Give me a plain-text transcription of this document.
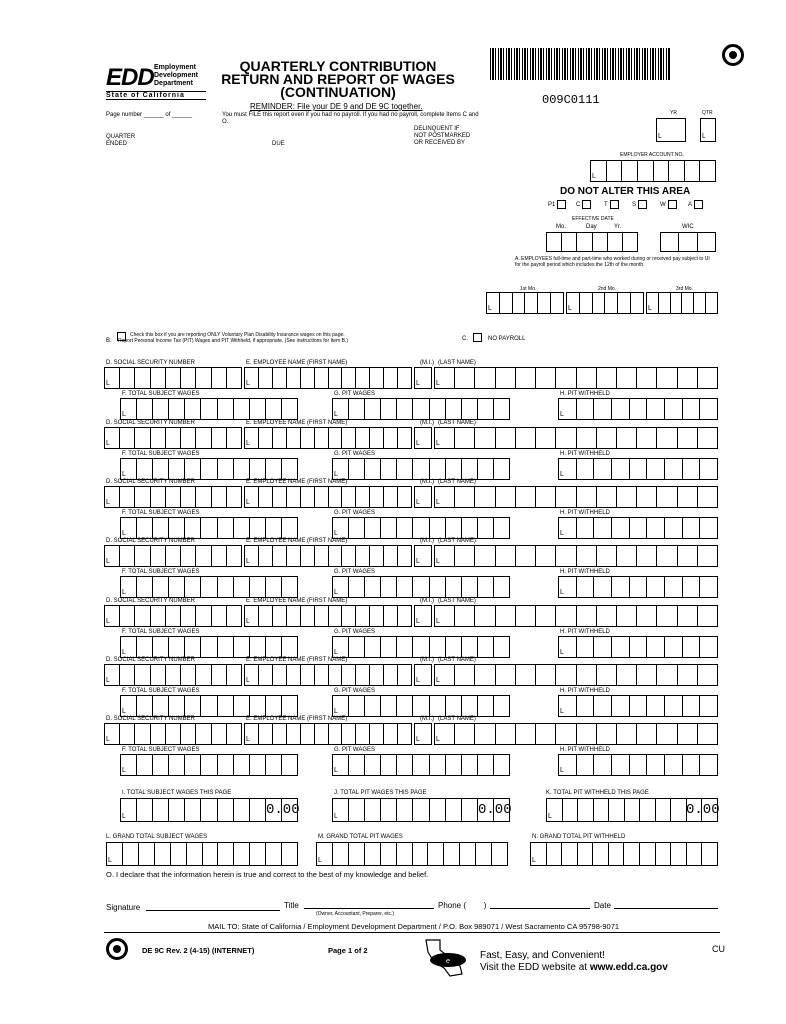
EDD Employment
Development
Department
State of California
QUARTERLY CONTRIBUTION
RETURN AND REPORT OF WAGES
(CONTINUATION)
REMINDER: File your DE 9 and DE 9C together.
You must FILE this report even if you had no payroll. If you had no payroll, complete Items C and O.
009C0111
Page number ______ of ______
QUARTER
ENDED	DUE
DELINQUENT IF
NOT POSTMARKED
OR RECEIVED BY
YR	QTR
L	L
EMPLOYER ACCOUNT NO.
L
DO NOT ALTER THIS AREA
P1	C	T	S	W	A
EFFECTIVE DATE
Mo.	Day	Yr.	WIC
A. EMPLOYEES full-time and part-time who worked during or received pay subject to UI for the payroll period which includes the 12th of the month.
1st Mo.	2nd Mo.	3rd Mo.
L	L	L
B.
Check this box if you are reporting ONLY Voluntary Plan Disability Insurance wages on this page.
Report Personal Income Tax (PIT) Wages and PIT Withheld, if appropriate. (See instructions for Item B.)	C.	NO PAYROLL
D. SOCIAL SECURITY NUMBER	E. EMPLOYEE NAME (FIRST NAME)	(M.I.) (LAST NAME)
L	L	L L
F. TOTAL SUBJECT WAGES	G. PIT WAGES	H. PIT WITHHELD
L	L	L
D. SOCIAL SECURITY NUMBER	E. EMPLOYEE NAME (FIRST NAME)	(M.I.) (LAST NAME)
L	L	L L
F. TOTAL SUBJECT WAGES	G. PIT WAGES	H. PIT WITHHELD
L	L	L
D. SOCIAL SECURITY NUMBER	E. EMPLOYEE NAME (FIRST NAME)	(M.I.) (LAST NAME)
L	L	L L
F. TOTAL SUBJECT WAGES	G. PIT WAGES	H. PIT WITHHELD
L	L	L
D. SOCIAL SECURITY NUMBER	E. EMPLOYEE NAME (FIRST NAME)	(M.I.) (LAST NAME)
L	L	L L
F. TOTAL SUBJECT WAGES	G. PIT WAGES	H. PIT WITHHELD
L	L	L
D. SOCIAL SECURITY NUMBER	E. EMPLOYEE NAME (FIRST NAME)	(M.I.) (LAST NAME)
L	L	L L
F. TOTAL SUBJECT WAGES	G. PIT WAGES	H. PIT WITHHELD
L	L	L
D. SOCIAL SECURITY NUMBER	E. EMPLOYEE NAME (FIRST NAME)	(M.I.) (LAST NAME)
L	L	L L
F. TOTAL SUBJECT WAGES	G. PIT WAGES	H. PIT WITHHELD
L	L	L
D. SOCIAL SECURITY NUMBER	E. EMPLOYEE NAME (FIRST NAME)	(M.I.) (LAST NAME)
L	L	L L
F. TOTAL SUBJECT WAGES	G. PIT WAGES	H. PIT WITHHELD
L	L	L
I. TOTAL SUBJECT WAGES THIS PAGE	J. TOTAL PIT WAGES THIS PAGE	K. TOTAL PIT WITHHELD THIS PAGE
L	L	L
0.00	0.00	0.00
L. GRAND TOTAL SUBJECT WAGES	M. GRAND TOTAL PIT WAGES	N. GRAND TOTAL PIT WITHHELD
L	L	L
O. I declare that the information herein is true and correct to the best of my knowledge and belief.
Signature	Title
(Owner, Accountant, Preparer, etc.)
Phone (        )	Date
MAIL TO: State of California / Employment Development Department / P.O. Box 989071 / West Sacramento CA 95798-9071
DE 9C Rev. 2 (4-15) (INTERNET)	Page 1 of 2
e
Fast, Easy, and Convenient!
Visit the EDD website at www.edd.ca.gov
CU
